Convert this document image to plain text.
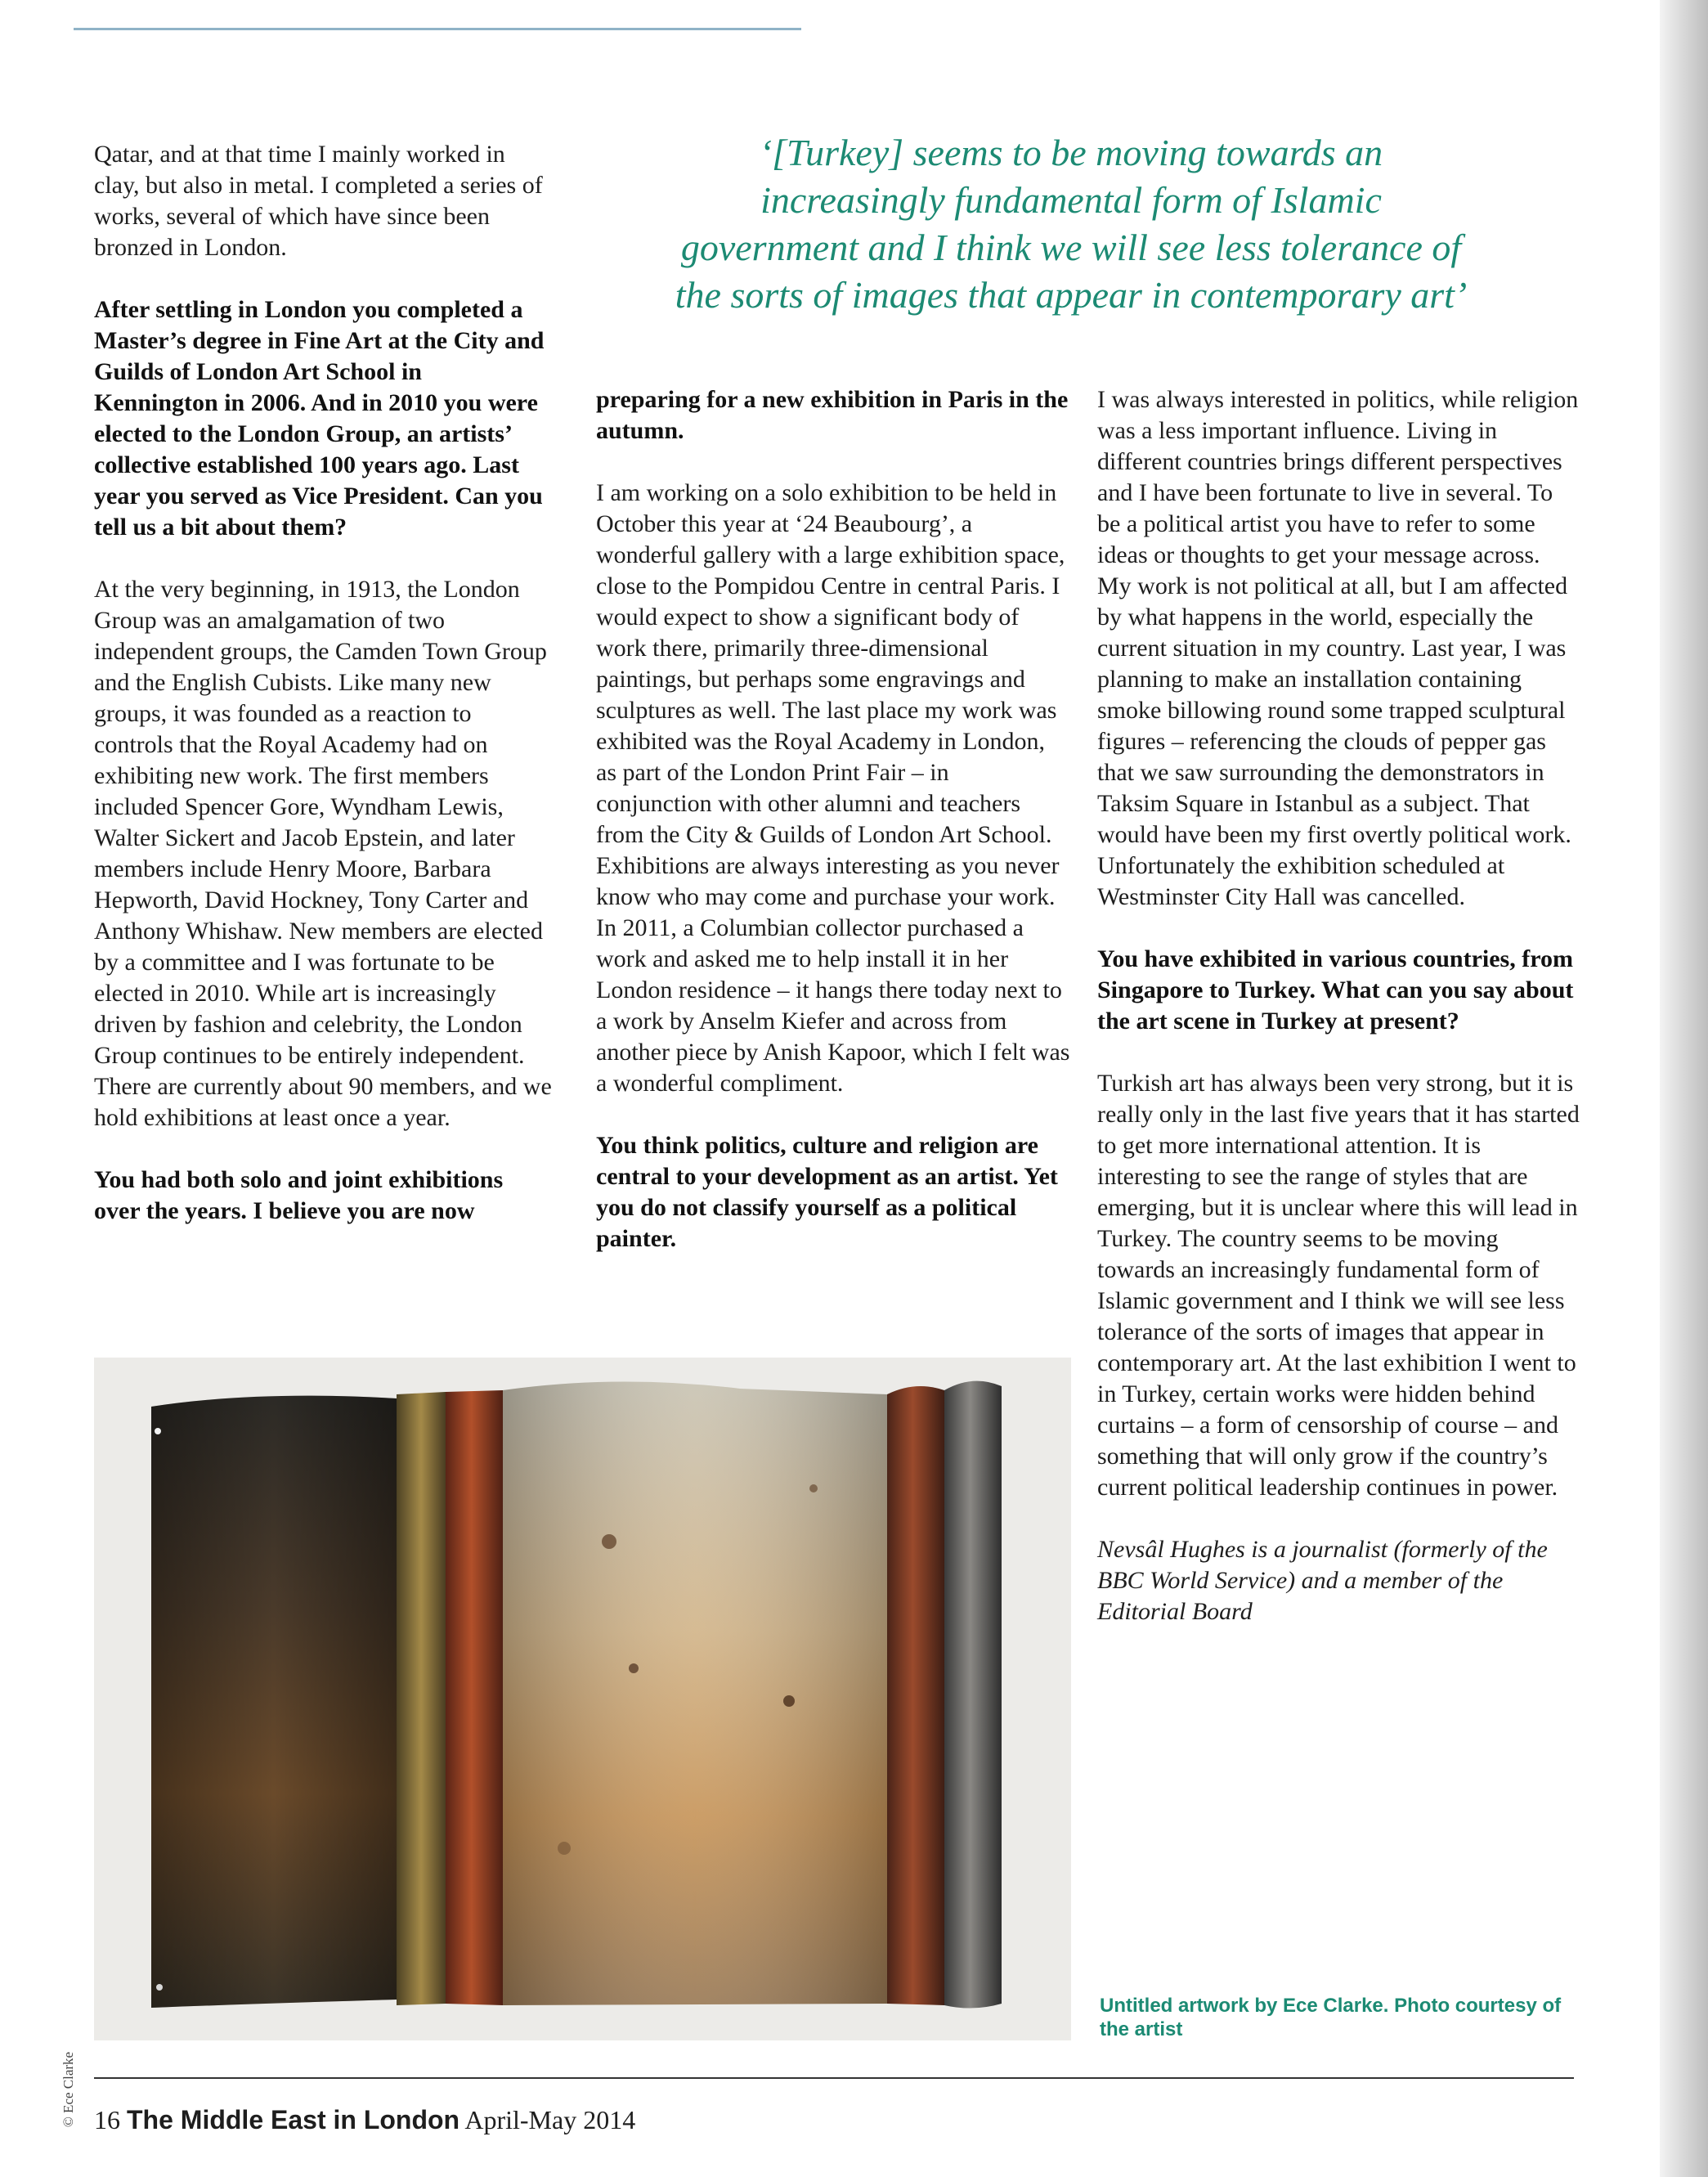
‘[Turkey] seems to be moving towards an increasingly fundamental form of Islamic government and I think we will see less tolerance of the sorts of images that appear in contemporary art’

Qatar, and at that time I mainly worked in clay, but also in metal. I completed a series of works, several of which have since been bronzed in London.

After settling in London you completed a Master’s degree in Fine Art at the City and Guilds of London Art School in Kennington in 2006. And in 2010 you were elected to the London Group, an artists’ collective established 100 years ago. Last year you served as Vice President. Can you tell us a bit about them?

At the very beginning, in 1913, the London Group was an amalgamation of two independent groups, the Camden Town Group and the English Cubists. Like many new groups, it was founded as a reaction to controls that the Royal Academy had on exhibiting new work. The first members included Spencer Gore, Wyndham Lewis, Walter Sickert and Jacob Epstein, and later members include Henry Moore, Barbara Hepworth, David Hockney, Tony Carter and Anthony Whishaw. New members are elected by a committee and I was fortunate to be elected in 2010. While art is increasingly driven by fashion and celebrity, the London Group continues to be entirely independent. There are currently about 90 members, and we hold exhibitions at least once a year.

You had both solo and joint exhibitions over the years. I believe you are now

preparing for a new exhibition in Paris in the autumn.

I am working on a solo exhibition to be held in October this year at ‘24 Beaubourg’, a wonderful gallery with a large exhibition space, close to the Pompidou Centre in central Paris. I would expect to show a significant body of work there, primarily three-dimensional paintings, but perhaps some engravings and sculptures as well. The last place my work was exhibited was the Royal Academy in London, as part of the London Print Fair – in conjunction with other alumni and teachers from the City & Guilds of London Art School. Exhibitions are always interesting as you never know who may come and purchase your work. In 2011, a Columbian collector purchased a work and asked me to help install it in her London residence – it hangs there today next to a work by Anselm Kiefer and across from another piece by Anish Kapoor, which I felt was a wonderful compliment.

You think politics, culture and religion are central to your development as an artist. Yet you do not classify yourself as a political painter.

I was always interested in politics, while religion was a less important influence. Living in different countries brings different perspectives and I have been fortunate to live in several. To be a political artist you have to refer to some ideas or thoughts to get your message across. My work is not political at all, but I am affected by what happens in the world, especially the current situation in my country. Last year, I was planning to make an installation containing smoke billowing round some trapped sculptural figures – referencing the clouds of pepper gas that we saw surrounding the demonstrators in Taksim Square in Istanbul as a subject. That would have been my first overtly political work. Unfortunately the exhibition scheduled at Westminster City Hall was cancelled.

You have exhibited in various countries, from Singapore to Turkey. What can you say about the art scene in Turkey at present?

Turkish art has always been very strong, but it is really only in the last five years that it has started to get more international attention. It is interesting to see the range of styles that are emerging, but it is unclear where this will lead in Turkey. The country seems to be moving towards an increasingly fundamental form of Islamic government and I think we will see less tolerance of the sorts of images that appear in contemporary art. At the last exhibition I went to in Turkey, certain works were hidden behind curtains – a form of censorship of course – and something that will only grow if the country’s current political leadership continues in power.

Nevsâl Hughes is a journalist (formerly of the BBC World Service) and a member of the Editorial Board

© Ece Clarke

Untitled artwork by Ece Clarke. Photo courtesy of the artist

16 The Middle East in London April-May 2014
